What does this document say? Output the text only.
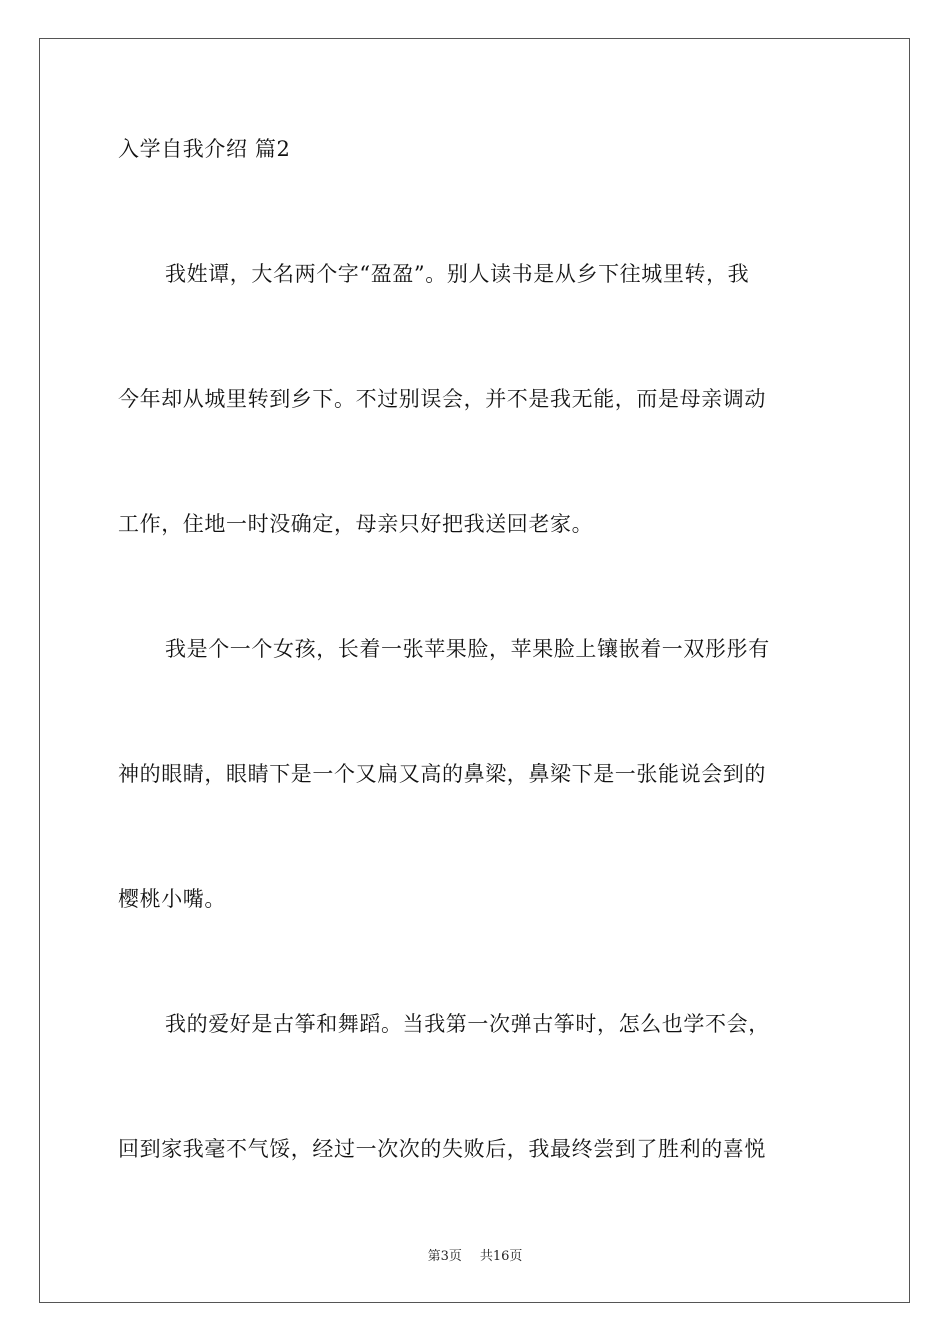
入学自我介绍 篇2
我姓谭，大名两个字“盈盈”。别人读书是从乡下往城里转，我
今年却从城里转到乡下。不过别误会，并不是我无能，而是母亲调动
工作，住地一时没确定，母亲只好把我送回老家。
我是个一个女孩，长着一张苹果脸，苹果脸上镶嵌着一双彤彤有
神的眼睛，眼睛下是一个又扁又高的鼻梁，鼻梁下是一张能说会到的
樱桃小嘴。
我的爱好是古筝和舞蹈。当我第一次弹古筝时，怎么也学不会，
回到家我毫不气馁，经过一次次的失败后，我最终尝到了胜利的喜悦
第3页 共16页
